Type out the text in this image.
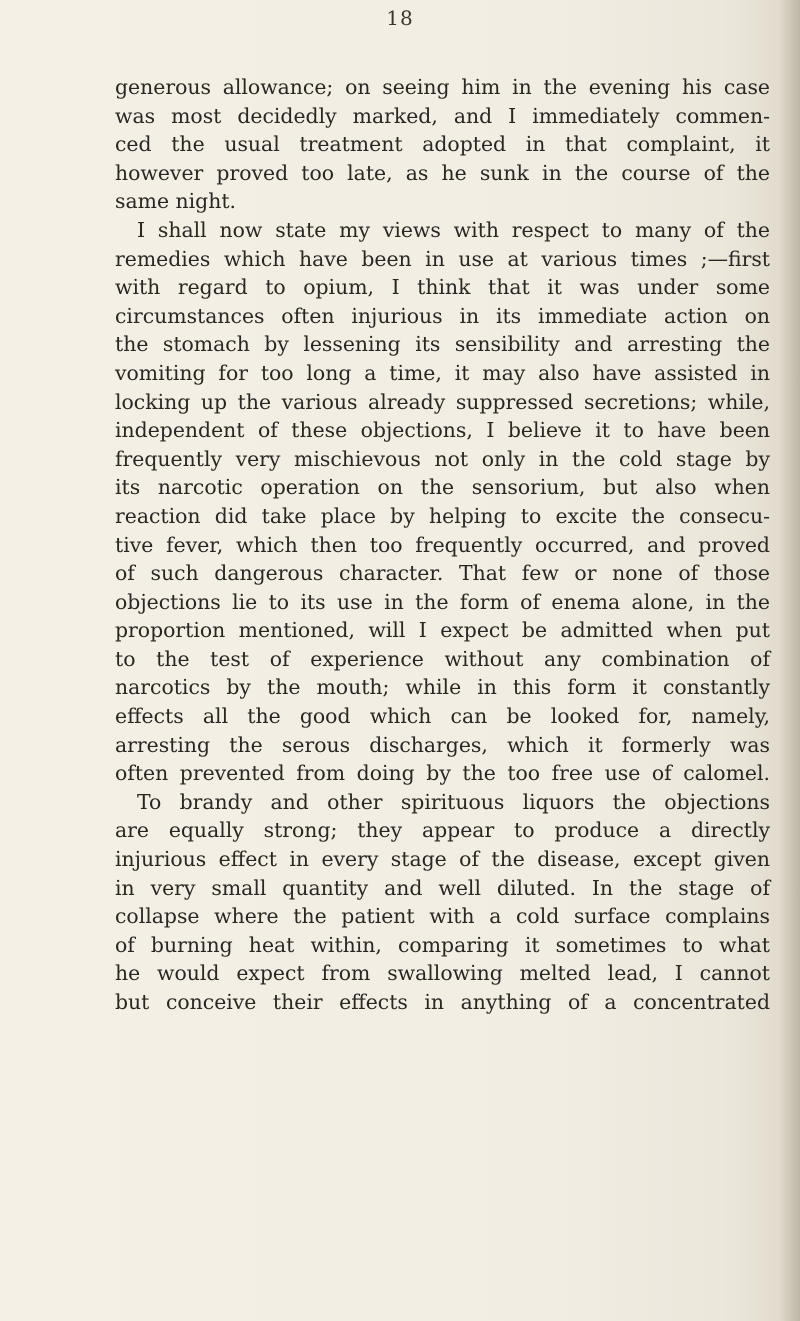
18
generous allowance; on seeing him in the evening his case
was most decidedly marked, and I immediately commen-
ced the usual treatment adopted in that complaint, it
however proved too late, as he sunk in the course of the
same night.
I shall now state my views with respect to many of the
remedies which have been in use at various times ;—first
with regard to opium, I think that it was under some
circumstances often injurious in its immediate action on
the stomach by lessening its sensibility and arresting the
vomiting for too long a time, it may also have assisted in
locking up the various already suppressed secretions; while,
independent of these objections, I believe it to have been
frequently very mischievous not only in the cold stage by
its narcotic operation on the sensorium, but also when
reaction did take place by helping to excite the consecu-
tive fever, which then too frequently occurred, and proved
of such dangerous character. That few or none of those
objections lie to its use in the form of enema alone, in the
proportion mentioned, will I expect be admitted when put
to the test of experience without any combination of
narcotics by the mouth; while in this form it constantly
effects all the good which can be looked for, namely,
arresting the serous discharges, which it formerly was
often prevented from doing by the too free use of calomel.
To brandy and other spirituous liquors the objections
are equally strong; they appear to produce a directly
injurious effect in every stage of the disease, except given
in very small quantity and well diluted. In the stage of
collapse where the patient with a cold surface complains
of burning heat within, comparing it sometimes to what
he would expect from swallowing melted lead, I cannot
but conceive their effects in anything of a concentrated
